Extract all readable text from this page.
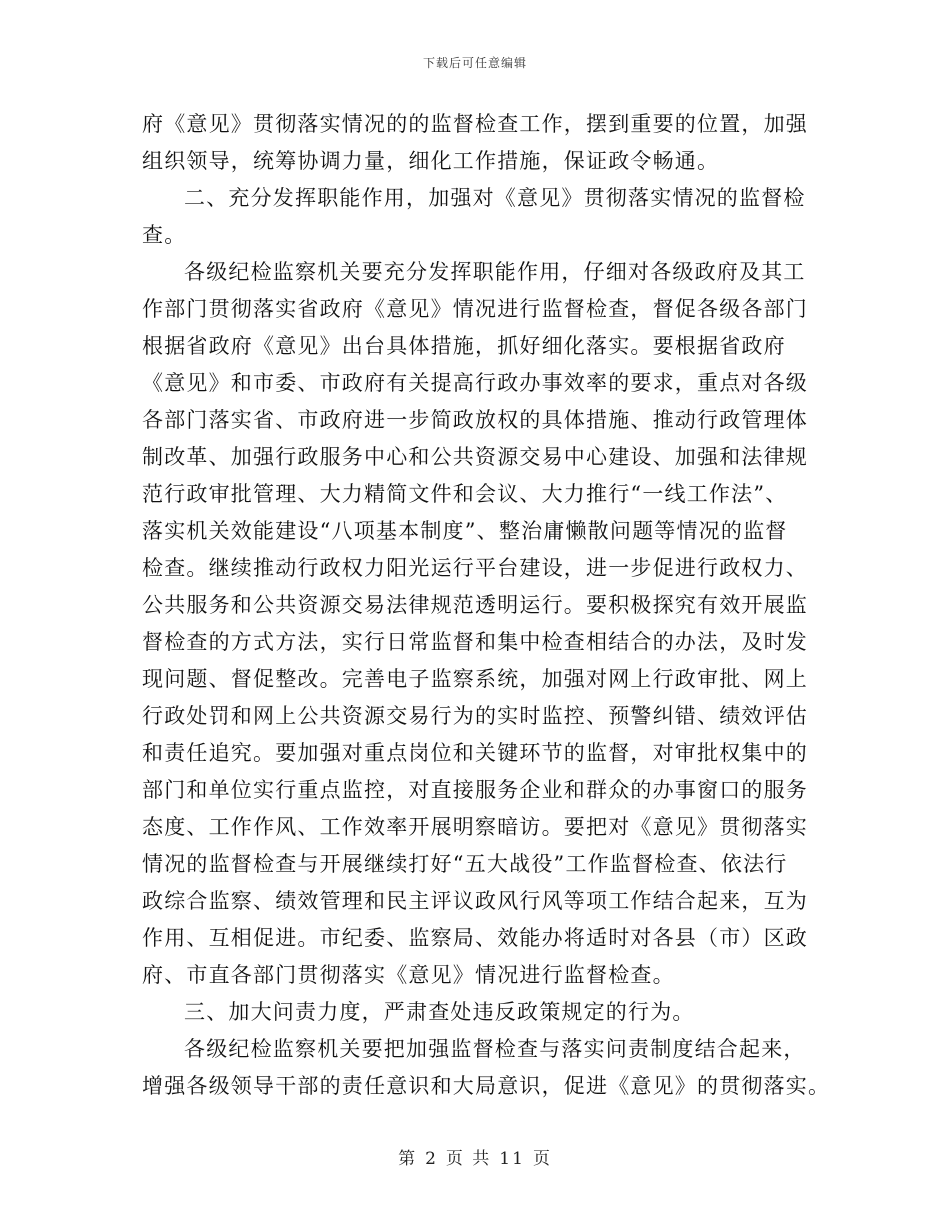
下载后可任意编辑
府《意见》贯彻落实情况的的监督检查工作，摆到重要的位置，加强
组织领导，统筹协调力量，细化工作措施，保证政令畅通。
二、充分发挥职能作用，加强对《意见》贯彻落实情况的监督检
查。
各级纪检监察机关要充分发挥职能作用，仔细对各级政府及其工
作部门贯彻落实省政府《意见》情况进行监督检查，督促各级各部门
根据省政府《意见》出台具体措施，抓好细化落实。要根据省政府
《意见》和市委、市政府有关提高行政办事效率的要求，重点对各级
各部门落实省、市政府进一步简政放权的具体措施、推动行政管理体
制改革、加强行政服务中心和公共资源交易中心建设、加强和法律规
范行政审批管理、大力精简文件和会议、大力推行“一线工作法”、
落实机关效能建设“八项基本制度”、整治庸懒散问题等情况的监督
检查。继续推动行政权力阳光运行平台建设，进一步促进行政权力、
公共服务和公共资源交易法律规范透明运行。要积极探究有效开展监
督检查的方式方法，实行日常监督和集中检查相结合的办法，及时发
现问题、督促整改。完善电子监察系统，加强对网上行政审批、网上
行政处罚和网上公共资源交易行为的实时监控、预警纠错、绩效评估
和责任追究。要加强对重点岗位和关键环节的监督，对审批权集中的
部门和单位实行重点监控，对直接服务企业和群众的办事窗口的服务
态度、工作作风、工作效率开展明察暗访。要把对《意见》贯彻落实
情况的监督检查与开展继续打好“五大战役”工作监督检查、依法行
政综合监察、绩效管理和民主评议政风行风等项工作结合起来，互为
作用、互相促进。市纪委、监察局、效能办将适时对各县（市）区政
府、市直各部门贯彻落实《意见》情况进行监督检查。
三、加大问责力度，严肃查处违反政策规定的行为。
各级纪检监察机关要把加强监督检查与落实问责制度结合起来，
增强各级领导干部的责任意识和大局意识，促进《意见》的贯彻落实。
第 2 页 共 11 页
